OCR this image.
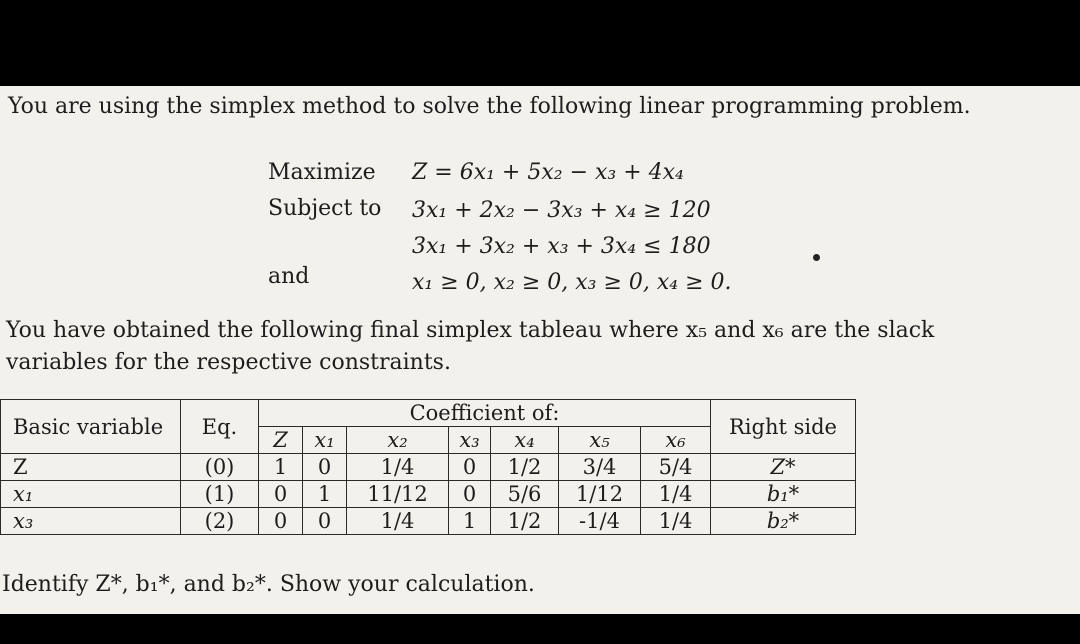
You are using the simplex method to solve the following linear programming problem.
Maximize Z = 6x₁ + 5x₂ − x₃ + 4x₄
Subject to 3x₁ + 2x₂ − 3x₃ + x₄ ≥ 120
3x₁ + 3x₂ + x₃ + 3x₄ ≤ 180
and	x₁ ≥ 0, x₂ ≥ 0, x₃ ≥ 0, x₄ ≥ 0.
You have obtained the following final simplex tableau where x₅ and x₆ are the slack
variables for the respective constraints.
Basic variable	Eq.	Coefficient of:							Right side
		Z	x₁	x₂	x₃	x₄	x₅	x₆	
Z	(0)	1	0	1/4	0	1/2	3/4	5/4	Z*
x₁	(1)	0	1	11/12	0	5/6	1/12	1/4	b₁*
x₃	(2)	0	0	1/4	1	1/2	-1/4	1/4	b₂*
Identify Z*, b₁*, and b₂*. Show your calculation.
